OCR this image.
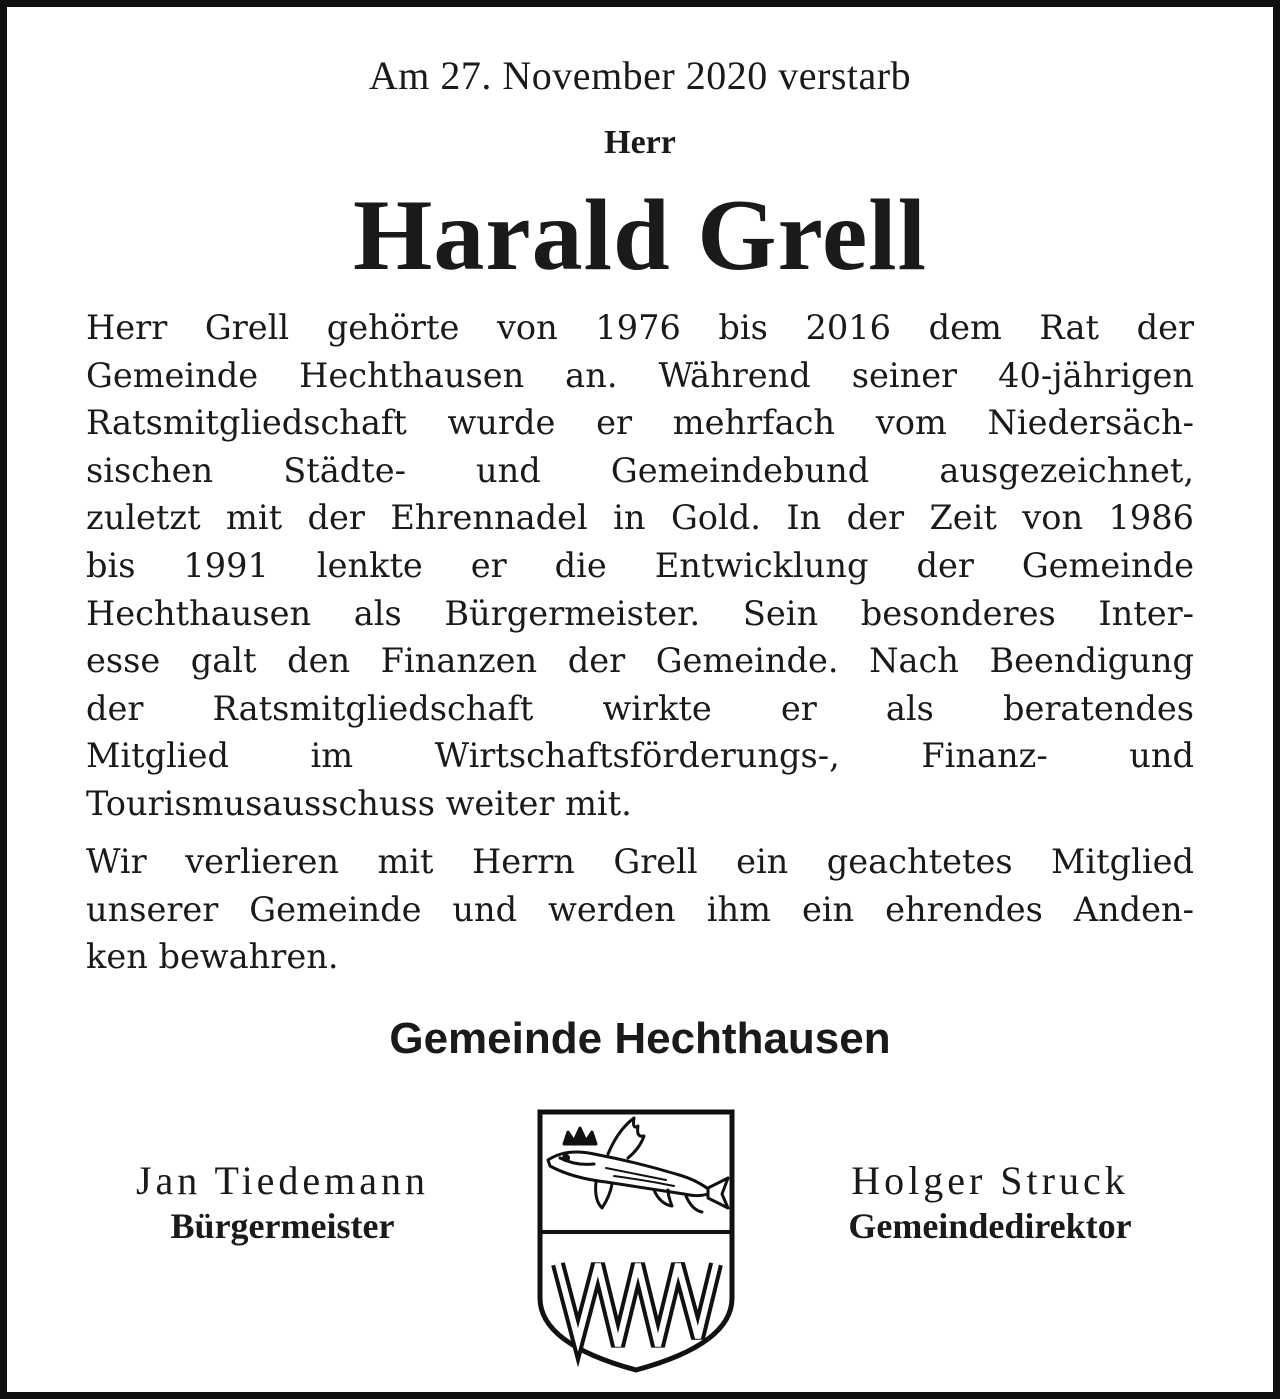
Am 27. November 2020 verstarb
Herr
Harald Grell
Herr Grell gehörte von 1976 bis 2016 dem Rat der
Gemeinde Hechthausen an. Während seiner 40-jährigen
Ratsmitgliedschaft wurde er mehrfach vom Niedersäch-
sischen Städte- und Gemeindebund ausgezeichnet,
zuletzt mit der Ehrennadel in Gold. In der Zeit von 1986
bis 1991 lenkte er die Entwicklung der Gemeinde
Hechthausen als Bürgermeister. Sein besonderes Inter-
esse galt den Finanzen der Gemeinde. Nach Beendigung
der Ratsmitgliedschaft wirkte er als beratendes
Mitglied im Wirtschaftsförderungs-, Finanz- und
Tourismusausschuss weiter mit.
Wir verlieren mit Herrn Grell ein geachtetes Mitglied
unserer Gemeinde und werden ihm ein ehrendes Anden-
ken bewahren.
Gemeinde Hechthausen
Jan Tiedemann
Bürgermeister
Holger Struck
Gemeindedirektor
